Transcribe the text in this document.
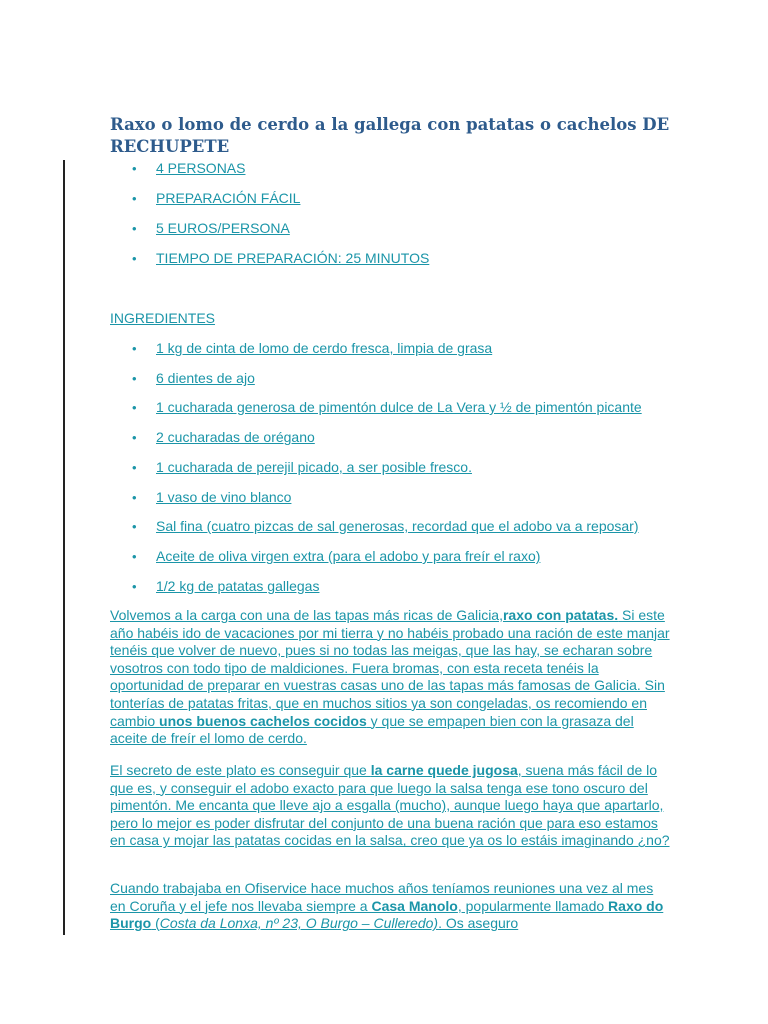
Raxo o lomo de cerdo a la gallega con patatas o cachelos DE RECHUPETE
• 4 PERSONAS
• PREPARACIÓN FÁCIL
• 5 EUROS/PERSONA
• TIEMPO DE PREPARACIÓN: 25 MINUTOS
INGREDIENTES
• 1 kg de cinta de lomo de cerdo fresca, limpia de grasa
• 6 dientes de ajo
• 1 cucharada generosa de pimentón dulce de La Vera y ½ de pimentón picante
• 2 cucharadas de orégano
• 1 cucharada de perejil picado, a ser posible fresco.
• 1 vaso de vino blanco
• Sal fina (cuatro pizcas de sal generosas, recordad que el adobo va a reposar)
• Aceite de oliva virgen extra (para el adobo y para freír el raxo)
• 1/2 kg de patatas gallegas

Volvemos a la carga con una de las tapas más ricas de Galicia,raxo con patatas. Si este año habéis ido de vacaciones por mi tierra y no habéis probado una ración de este manjar tenéis que volver de nuevo, pues si no todas las meigas, que las hay, se echaran sobre vosotros con todo tipo de maldiciones. Fuera bromas, con esta receta tenéis la oportunidad de preparar en vuestras casas uno de las tapas más famosas de Galicia. Sin tonterías de patatas fritas, que en muchos sitios ya son congeladas, os recomiendo en cambio unos buenos cachelos cocidos y que se empapen bien con la grasaza del aceite de freír el lomo de cerdo.

El secreto de este plato es conseguir que la carne quede jugosa, suena más fácil de lo que es, y conseguir el adobo exacto para que luego la salsa tenga ese tono oscuro del pimentón. Me encanta que lleve ajo a esgalla (mucho), aunque luego haya que apartarlo, pero lo mejor es poder disfrutar del conjunto de una buena ración que para eso estamos en casa y mojar las patatas cocidas en la salsa, creo que ya os lo estáis imaginando ¿no?

Cuando trabajaba en Ofiservice hace muchos años teníamos reuniones una vez al mes en Coruña y el jefe nos llevaba siempre a Casa Manolo, popularmente llamado Raxo do Burgo (Costa da Lonxa, nº 23, O Burgo – Culleredo). Os aseguro
